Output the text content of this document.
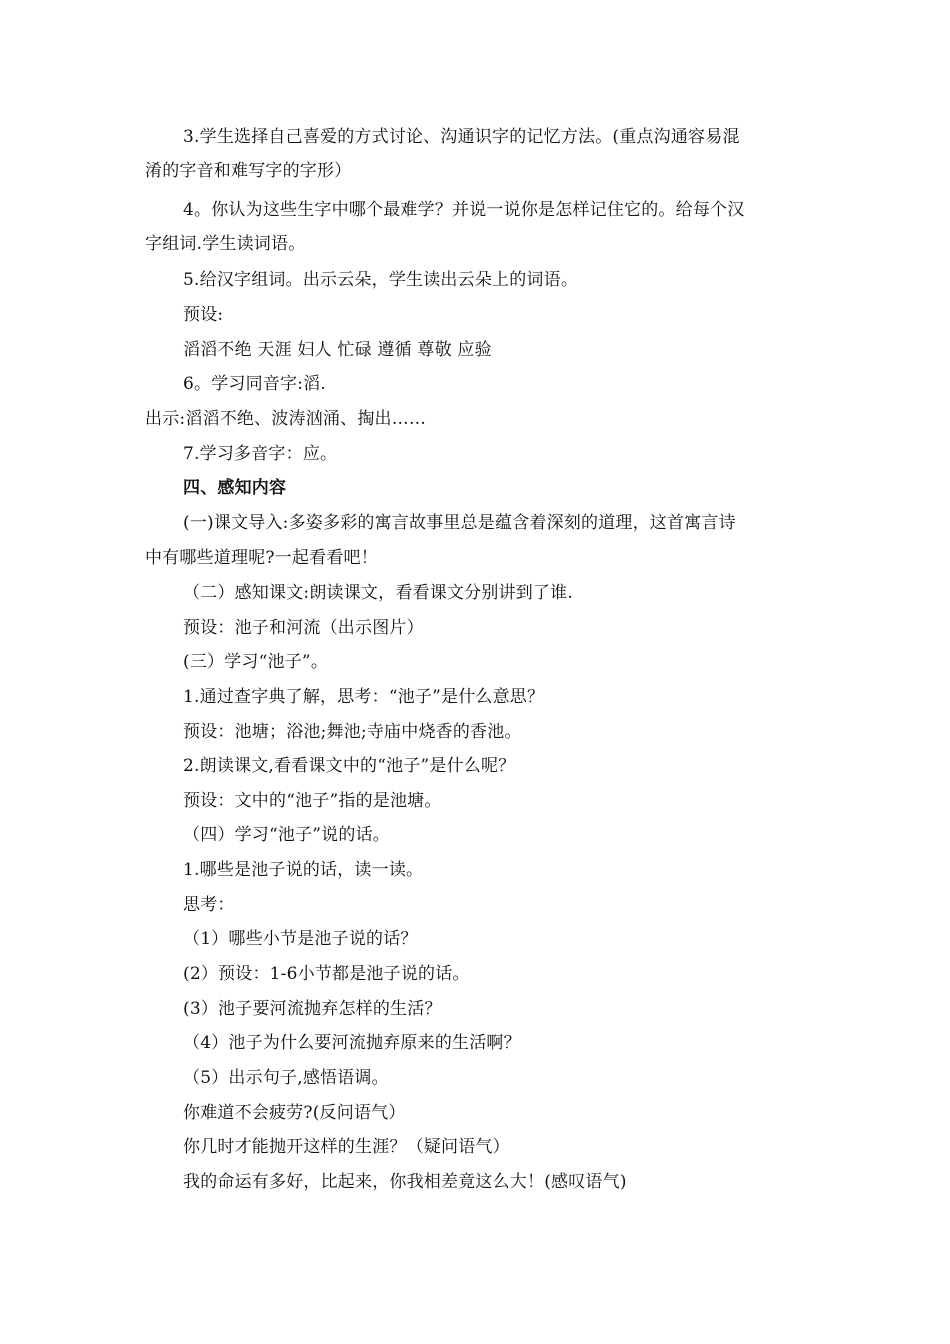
3.学生选择自己喜爱的方式讨论、沟通识字的记忆方法。(重点沟通容易混
淆的字音和难写字的字形）
4。你认为这些生字中哪个最难学？并说一说你是怎样记住它的。给每个汉
字组词.学生读词语。
5.给汉字组词。出示云朵，学生读出云朵上的词语。
预设:
滔滔不绝 天涯 妇人 忙碌 遵循 尊敬 应验
6。学习同音字:滔.
出示:滔滔不绝、波涛汹涌、掏出……
7.学习多音字：应。
四、感知内容
(一)课文导入:多姿多彩的寓言故事里总是蕴含着深刻的道理，这首寓言诗
中有哪些道理呢?一起看看吧！
（二）感知课文:朗读课文，看看课文分别讲到了谁.
预设：池子和河流（出示图片）
(三）学习“池子”。
1.通过查字典了解，思考：“池子”是什么意思？
预设：池塘；浴池;舞池;寺庙中烧香的香池。
2.朗读课文,看看课文中的“池子”是什么呢？
预设：文中的“池子”指的是池塘。
（四）学习“池子”说的话。
1.哪些是池子说的话，读一读。
思考：
（1）哪些小节是池子说的话？
(2）预设：1-6小节都是池子说的话。
(3）池子要河流抛弃怎样的生活？
（4）池子为什么要河流抛弃原来的生活啊？
（5）出示句子,感悟语调。
你难道不会疲劳?(反问语气）
你几时才能抛开这样的生涯？（疑问语气）
我的命运有多好，比起来，你我相差竟这么大！(感叹语气)
